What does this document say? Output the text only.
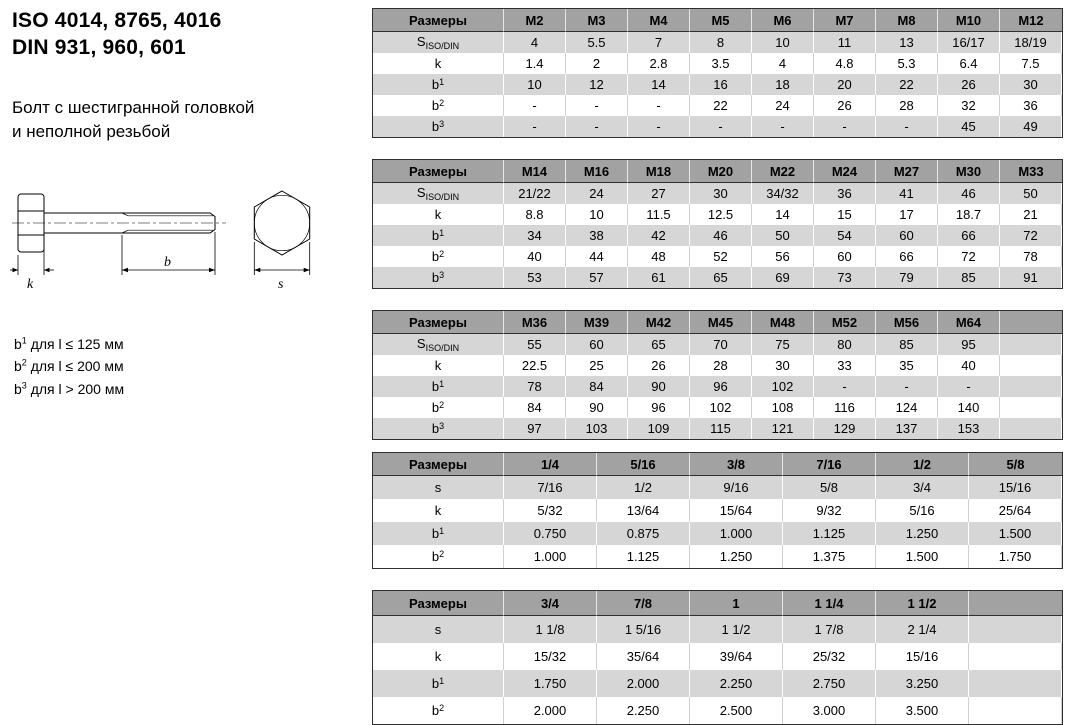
ISO 4014, 8765, 4016
DIN 931, 960, 601
Болт с шестигранной головкой
и неполной резьбой
k
b
s
$b^1$ для l ≤ 125 мм
$b^2$ для l ≤ 200 мм
$b^3$ для l > 200 мм
Размеры	M2	M3	M4	M5	M6	M7	M8	M10	M12
$S_{ISO/DIN}$	4	5.5	7	8	10	11	13	16/17	18/19
k	1.4	2	2.8	3.5	4	4.8	5.3	6.4	7.5
$b^1$	10	12	14	16	18	20	22	26	30
$b^2$	-	-	-	22	24	26	28	32	36
$b^3$	-	-	-	-	-	-	-	45	49
Размеры	M14	M16	M18	M20	M22	M24	M27	M30	M33
$S_{ISO/DIN}$	21/22	24	27	30	34/32	36	41	46	50
k	8.8	10	11.5	12.5	14	15	17	18.7	21
$b^1$	34	38	42	46	50	54	60	66	72
$b^2$	40	44	48	52	56	60	66	72	78
$b^3$	53	57	61	65	69	73	79	85	91
Размеры	M36	M39	M42	M45	M48	M52	M56	M64	
$S_{ISO/DIN}$	55	60	65	70	75	80	85	95	
k	22.5	25	26	28	30	33	35	40	
$b^1$	78	84	90	96	102	-	-	-	
$b^2$	84	90	96	102	108	116	124	140	
$b^3$	97	103	109	115	121	129	137	153	
Размеры	1/4	5/16	3/8	7/16	1/2	5/8
s	7/16	1/2	9/16	5/8	3/4	15/16
k	5/32	13/64	15/64	9/32	5/16	25/64
$b^1$	0.750	0.875	1.000	1.125	1.250	1.500
$b^2$	1.000	1.125	1.250	1.375	1.500	1.750
Размеры	3/4	7/8	1	1 1/4	1 1/2	
s	1 1/8	1 5/16	1 1/2	1 7/8	2 1/4	
k	15/32	35/64	39/64	25/32	15/16	
$b^1$	1.750	2.000	2.250	2.750	3.250	
$b^2$	2.000	2.250	2.500	3.000	3.500	
